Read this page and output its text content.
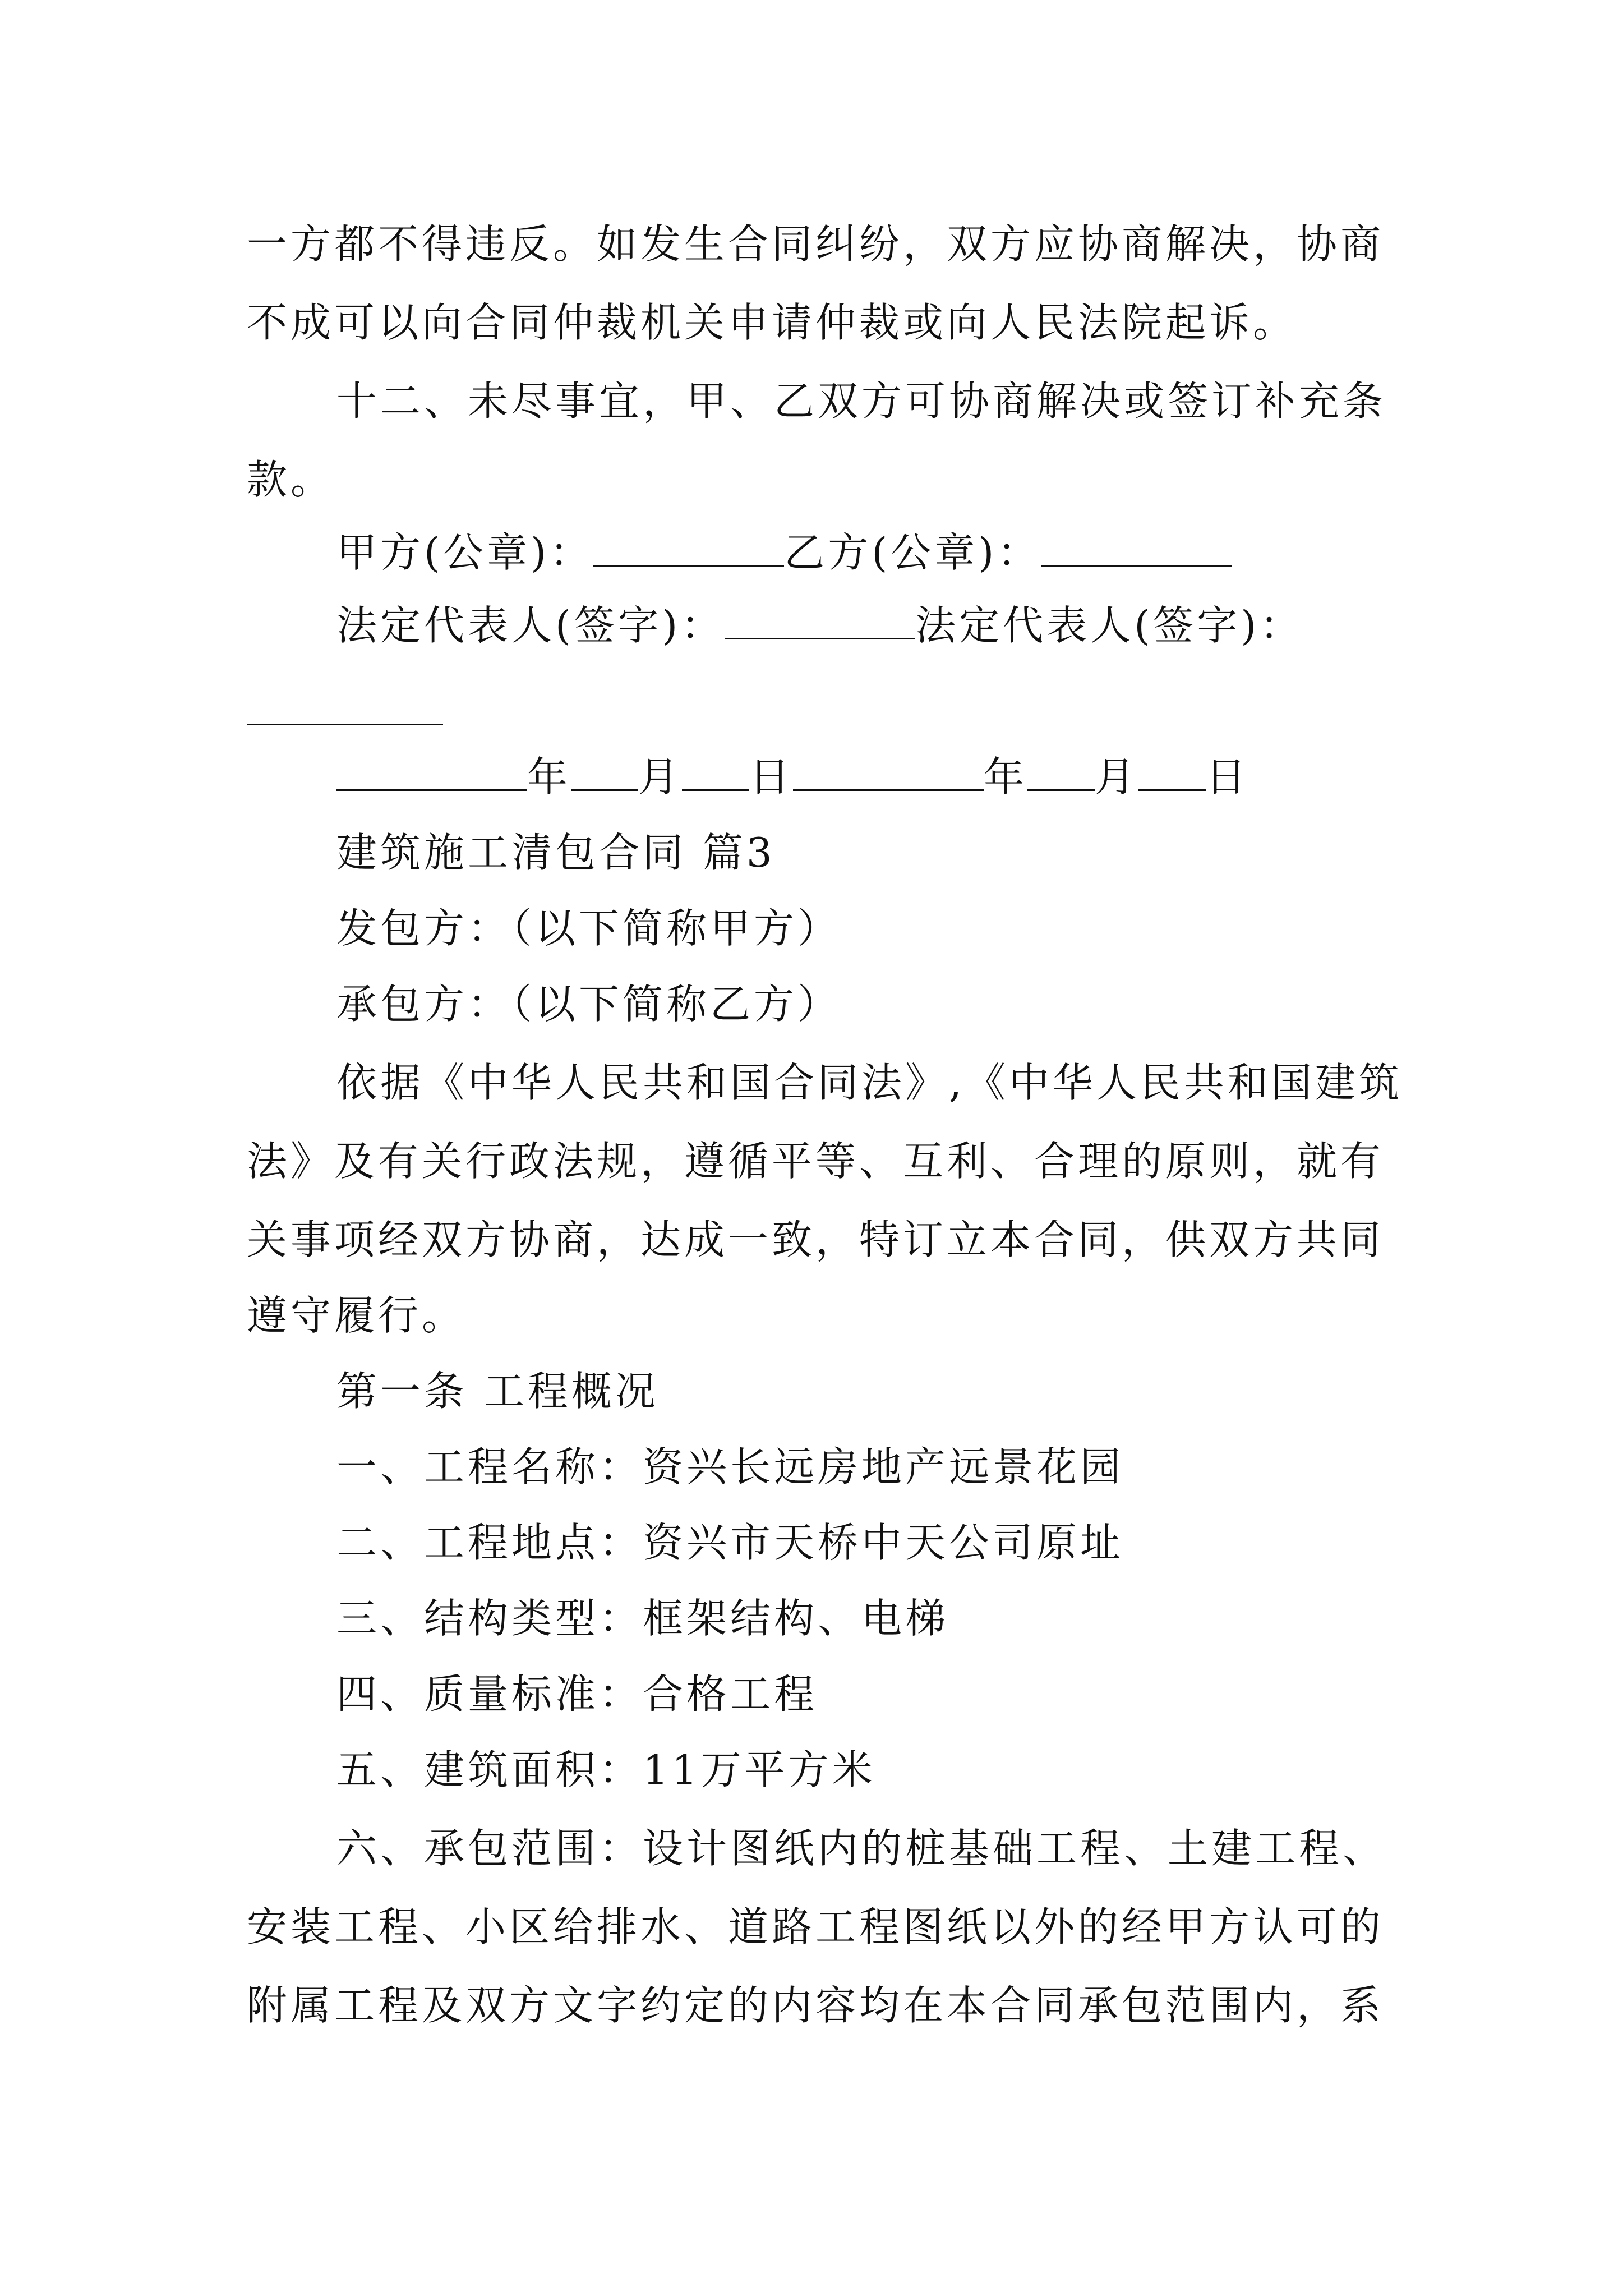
一方都不得违反。如发生合同纠纷，双方应协商解决，协商
不成可以向合同仲裁机关申请仲裁或向人民法院起诉。
十二、未尽事宜，甲、乙双方可协商解决或签订补充条
款。
甲方(公章)：	乙方(公章)：
法定代表人(签字)：	法定代表人(签字)：
年 月 日	年 月 日
建筑施工清包合同 篇3
发包方：（以下简称甲方）
承包方：（以下简称乙方）
依据《中华人民共和国合同法》,《中华人民共和国建筑
法》及有关行政法规，遵循平等、互利、合理的原则，就有
关事项经双方协商，达成一致，特订立本合同，供双方共同
遵守履行。
第一条 工程概况
一、工程名称：资兴长远房地产远景花园
二、工程地点：资兴市天桥中天公司原址
三、结构类型：框架结构、电梯
四、质量标准：合格工程
五、建筑面积：11万平方米
六、承包范围：设计图纸内的桩基础工程、土建工程、
安装工程、小区给排水、道路工程图纸以外的经甲方认可的
附属工程及双方文字约定的内容均在本合同承包范围内，系
